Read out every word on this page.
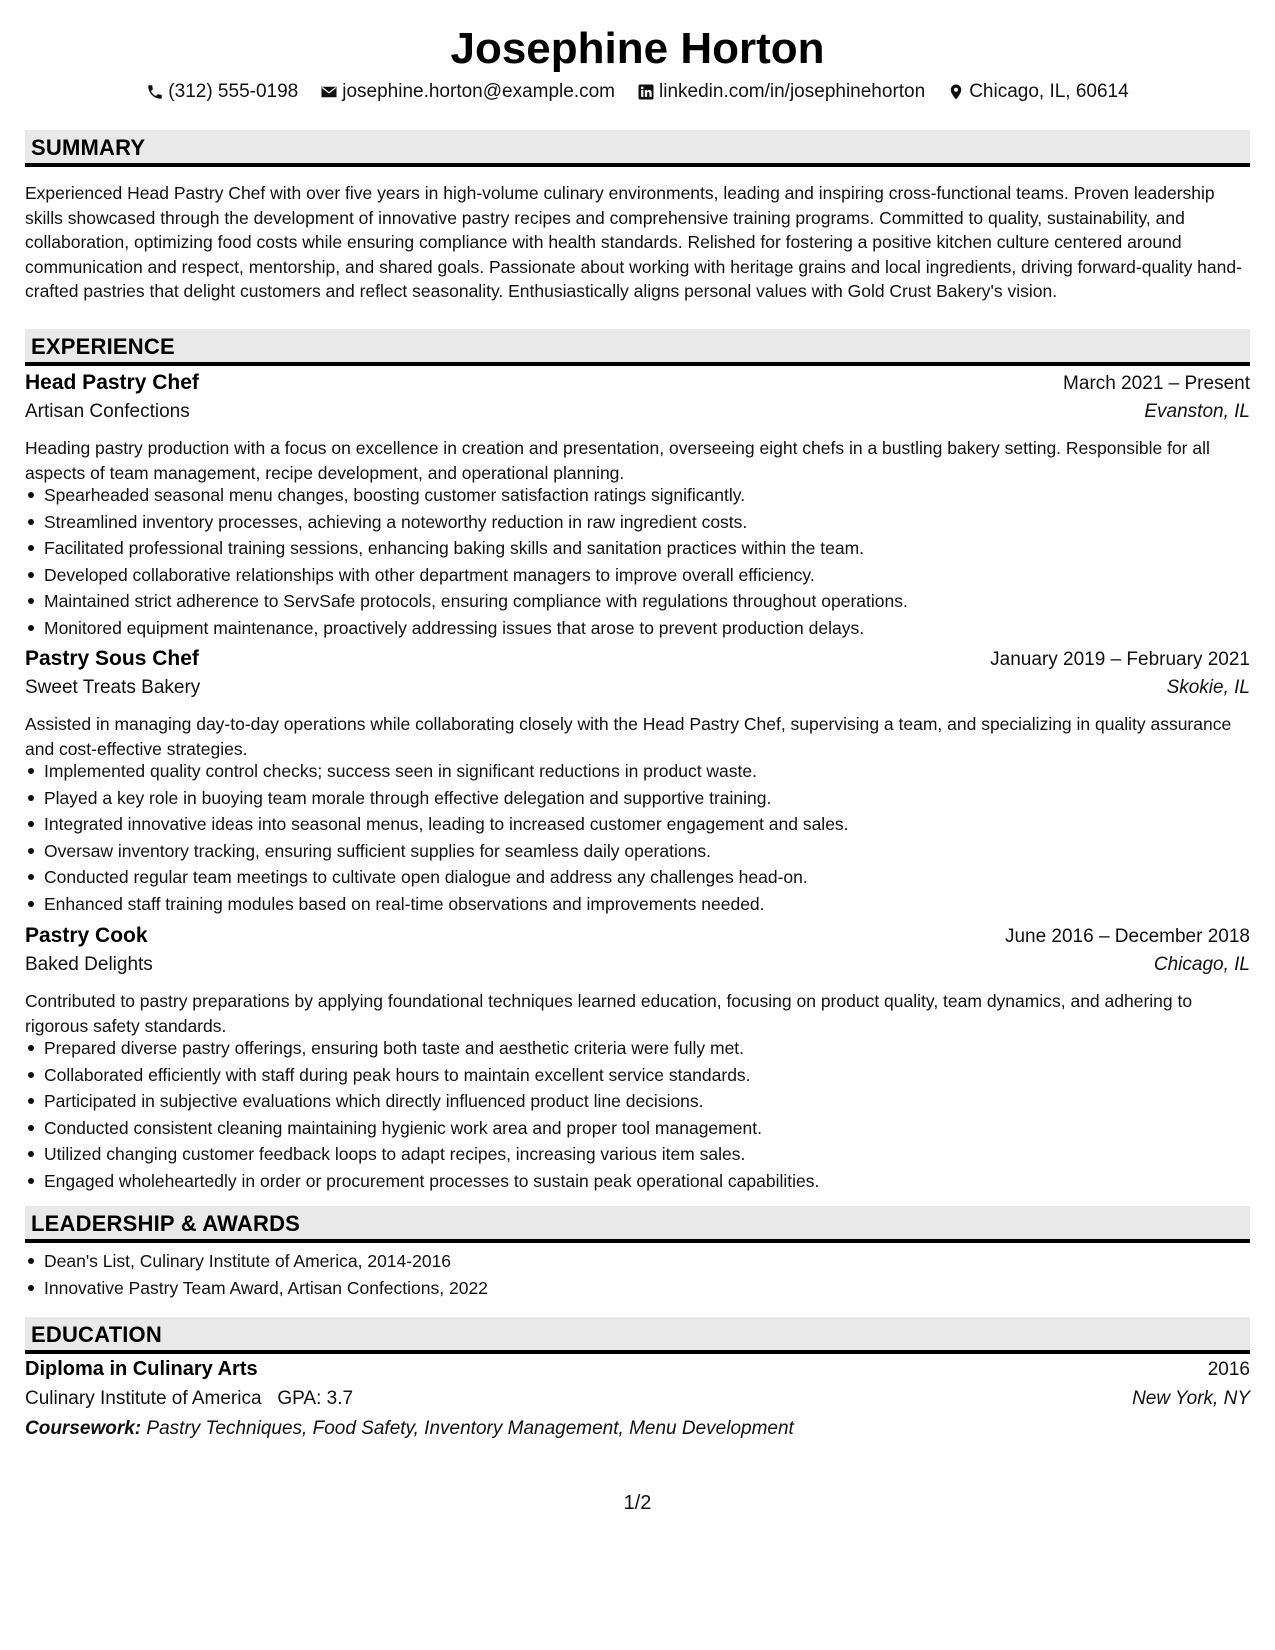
Josephine Horton
(312) 555-0198 josephine.horton@example.com linkedin.com/in/josephinehorton Chicago, IL, 60614
SUMMARY

Experienced Head Pastry Chef with over five years in high-volume culinary environments, leading and inspiring cross-functional teams. Proven leadership skills showcased through the development of innovative pastry recipes and comprehensive training programs. Committed to quality, sustainability, and collaboration, optimizing food costs while ensuring compliance with health standards. Relished for fostering a positive kitchen culture centered around communication and respect, mentorship, and shared goals. Passionate about working with heritage grains and local ingredients, driving forward-quality hand-crafted pastries that delight customers and reflect seasonality. Enthusiastically aligns personal values with Gold Crust Bakery's vision.

EXPERIENCE
Head Pastry Chef	March 2021 – Present
Artisan Confections	Evanston, IL

Heading pastry production with a focus on excellence in creation and presentation, overseeing eight chefs in a bustling bakery setting. Responsible for all aspects of team management, recipe development, and operational planning.

Spearheaded seasonal menu changes, boosting customer satisfaction ratings significantly.
Streamlined inventory processes, achieving a noteworthy reduction in raw ingredient costs.
Facilitated professional training sessions, enhancing baking skills and sanitation practices within the team.
Developed collaborative relationships with other department managers to improve overall efficiency.
Maintained strict adherence to ServSafe protocols, ensuring compliance with regulations throughout operations.
Monitored equipment maintenance, proactively addressing issues that arose to prevent production delays.
Pastry Sous Chef	January 2019 – February 2021
Sweet Treats Bakery	Skokie, IL

Assisted in managing day-to-day operations while collaborating closely with the Head Pastry Chef, supervising a team, and specializing in quality assurance and cost-effective strategies.

Implemented quality control checks; success seen in significant reductions in product waste.
Played a key role in buoying team morale through effective delegation and supportive training.
Integrated innovative ideas into seasonal menus, leading to increased customer engagement and sales.
Oversaw inventory tracking, ensuring sufficient supplies for seamless daily operations.
Conducted regular team meetings to cultivate open dialogue and address any challenges head-on.
Enhanced staff training modules based on real-time observations and improvements needed.
Pastry Cook	June 2016 – December 2018
Baked Delights	Chicago, IL

Contributed to pastry preparations by applying foundational techniques learned education, focusing on product quality, team dynamics, and adhering to rigorous safety standards.

Prepared diverse pastry offerings, ensuring both taste and aesthetic criteria were fully met.
Collaborated efficiently with staff during peak hours to maintain excellent service standards.
Participated in subjective evaluations which directly influenced product line decisions.
Conducted consistent cleaning maintaining hygienic work area and proper tool management.
Utilized changing customer feedback loops to adapt recipes, increasing various item sales.
Engaged wholeheartedly in order or procurement processes to sustain peak operational capabilities.
LEADERSHIP & AWARDS
Dean's List, Culinary Institute of America, 2014-2016
Innovative Pastry Team Award, Artisan Confections, 2022
EDUCATION
Diploma in Culinary Arts	2016
Culinary Institute of America GPA: 3.7	New York, NY
Coursework: Pastry Techniques, Food Safety, Inventory Management, Menu Development
1/2
